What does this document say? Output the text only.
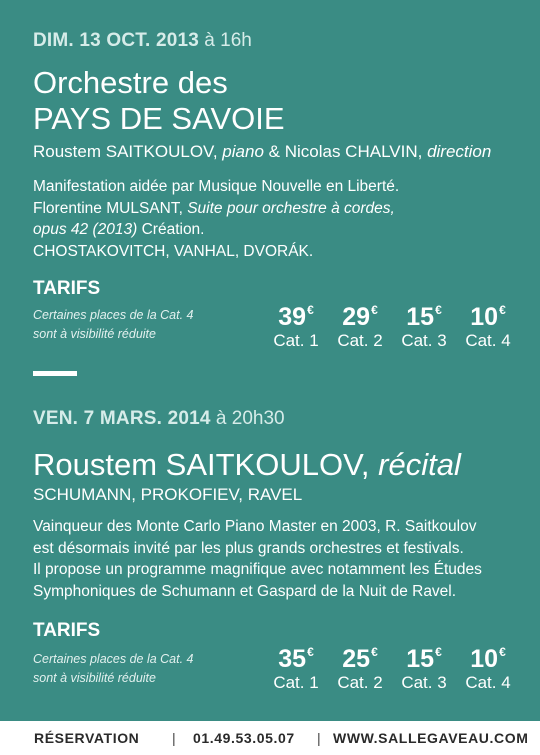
DIM. 13 OCT. 2013 à 16h
Orchestre des
PAYS DE SAVOIE
Roustem SAITKOULOV, piano & Nicolas CHALVIN, direction
Manifestation aidée par Musique Nouvelle en Liberté.
Florentine MULSANT, Suite pour orchestre à cordes,
opus 42 (2013) Création.
CHOSTAKOVITCH, VANHAL, DVORÁK.
TARIFS
Certaines places de la Cat. 4
sont à visibilité réduite
39€
Cat. 1
29€
Cat. 2
15€
Cat. 3
10€
Cat. 4
VEN. 7 MARS. 2014 à 20h30
Roustem SAITKOULOV, récital
SCHUMANN, PROKOFIEV, RAVEL
Vainqueur des Monte Carlo Piano Master en 2003, R. Saitkoulov
est désormais invité par les plus grands orchestres et festivals.
Il propose un programme magnifique avec notamment les Études
Symphoniques de Schumann et Gaspard de la Nuit de Ravel.
TARIFS
Certaines places de la Cat. 4
sont à visibilité réduite
35€
Cat. 1
25€
Cat. 2
15€
Cat. 3
10€
Cat. 4
RÉSERVATION | 01.49.53.05.07 | WWW.SALLEGAVEAU.COM
